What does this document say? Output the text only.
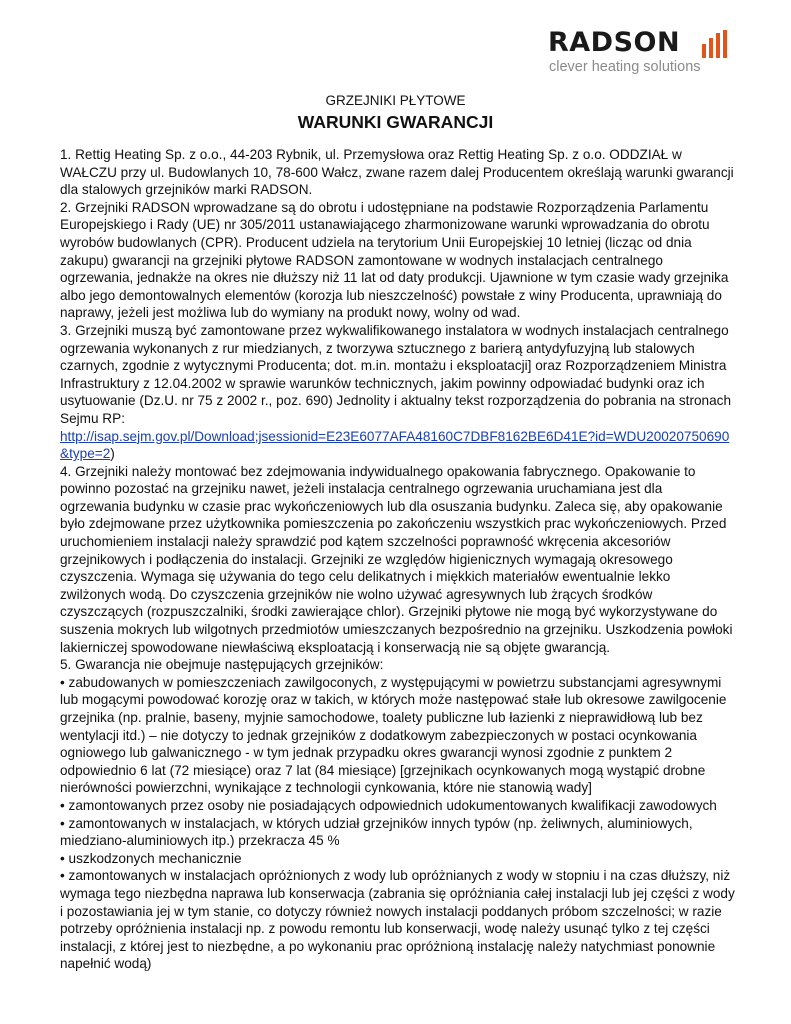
RADSON
clever heating solutions
GRZEJNIKI PŁYTOWE
WARUNKI GWARANCJI

1. Rettig Heating Sp. z o.o., 44-203 Rybnik, ul. Przemysłowa oraz Rettig Heating Sp. z o.o. ODDZIAŁ w WAŁCZU przy ul. Budowlanych 10, 78-600 Wałcz, zwane razem dalej Producentem określają warunki gwarancji dla stalowych grzejników marki RADSON.

2. Grzejniki RADSON wprowadzane są do obrotu i udostępniane na podstawie Rozporządzenia Parlamentu Europejskiego i Rady (UE) nr 305/2011 ustanawiającego zharmonizowane warunki wprowadzania do obrotu wyrobów budowlanych (CPR). Producent udziela na terytorium Unii Europejskiej 10 letniej (licząc od dnia zakupu) gwarancji na grzejniki płytowe RADSON zamontowane w wodnych instalacjach centralnego ogrzewania, jednakże na okres nie dłuższy niż 11 lat od daty produkcji. Ujawnione w tym czasie wady grzejnika albo jego demontowalnych elementów (korozja lub nieszczelność) powstałe z winy Producenta, uprawniają do naprawy, jeżeli jest możliwa lub do wymiany na produkt nowy, wolny od wad.

3. Grzejniki muszą być zamontowane przez wykwalifikowanego instalatora w wodnych instalacjach centralnego ogrzewania wykonanych z rur miedzianych, z tworzywa sztucznego z barierą antydyfuzyjną lub stalowych czarnych, zgodnie z wytycznymi Producenta; dot. m.in. montażu i eksploatacji] oraz Rozporządzeniem Ministra Infrastruktury z 12.04.2002 w sprawie warunków technicznych, jakim powinny odpowiadać budynki oraz ich usytuowanie (Dz.U. nr 75 z 2002 r., poz. 690) Jednolity i aktualny tekst rozporządzenia do pobrania na stronach Sejmu RP:

http://isap.sejm.gov.pl/Download;jsessionid=E23E6077AFA48160C7DBF8162BE6D41E?id=WDU20020750690&type=2)

4. Grzejniki należy montować bez zdejmowania indywidualnego opakowania fabrycznego. Opakowanie to powinno pozostać na grzejniku nawet, jeżeli instalacja centralnego ogrzewania uruchamiana jest dla ogrzewania budynku w czasie prac wykończeniowych lub dla osuszania budynku. Zaleca się, aby opakowanie było zdejmowane przez użytkownika pomieszczenia po zakończeniu wszystkich prac wykończeniowych. Przed uruchomieniem instalacji należy sprawdzić pod kątem szczelności poprawność wkręcenia akcesoriów grzejnikowych i podłączenia do instalacji. Grzejniki ze względów higienicznych wymagają okresowego czyszczenia. Wymaga się używania do tego celu delikatnych i miękkich materiałów ewentualnie lekko zwilżonych wodą. Do czyszczenia grzejników nie wolno używać agresywnych lub żrących środków czyszczących (rozpuszczalniki, środki zawierające chlor). Grzejniki płytowe nie mogą być wykorzystywane do suszenia mokrych lub wilgotnych przedmiotów umieszczanych bezpośrednio na grzejniku. Uszkodzenia powłoki lakierniczej spowodowane niewłaściwą eksploatacją i konserwacją nie są objęte gwarancją.

5. Gwarancja nie obejmuje następujących grzejników:

• zabudowanych w pomieszczeniach zawilgoconych, z występującymi w powietrzu substancjami agresywnymi lub mogącymi powodować korozję oraz w takich, w których może następować stałe lub okresowe zawilgocenie grzejnika (np. pralnie, baseny, myjnie samochodowe, toalety publiczne lub łazienki z nieprawidłową lub bez wentylacji itd.) – nie dotyczy to jednak grzejników z dodatkowym zabezpieczonych w postaci ocynkowania ogniowego lub galwanicznego - w tym jednak przypadku okres gwarancji wynosi zgodnie z punktem 2 odpowiednio 6 lat (72 miesiące) oraz 7 lat (84 miesiące) [grzejnikach ocynkowanych mogą wystąpić drobne nierówności powierzchni, wynikające z technologii cynkowania, które nie stanowią wady]

• zamontowanych przez osoby nie posiadających odpowiednich udokumentowanych kwalifikacji zawodowych

• zamontowanych w instalacjach, w których udział grzejników innych typów (np. żeliwnych, aluminiowych, miedziano-aluminiowych itp.) przekracza 45 %

• uszkodzonych mechanicznie

• zamontowanych w instalacjach opróżnionych z wody lub opróżnianych z wody w stopniu i na czas dłuższy, niż wymaga tego niezbędna naprawa lub konserwacja (zabrania się opróżniania całej instalacji lub jej części z wody i pozostawiania jej w tym stanie, co dotyczy również nowych instalacji poddanych próbom szczelności; w razie potrzeby opróżnienia instalacji np. z powodu remontu lub konserwacji, wodę należy usunąć tylko z tej części instalacji, z której jest to niezbędne, a po wykonaniu prac opróżnioną instalację należy natychmiast ponownie napełnić wodą)
